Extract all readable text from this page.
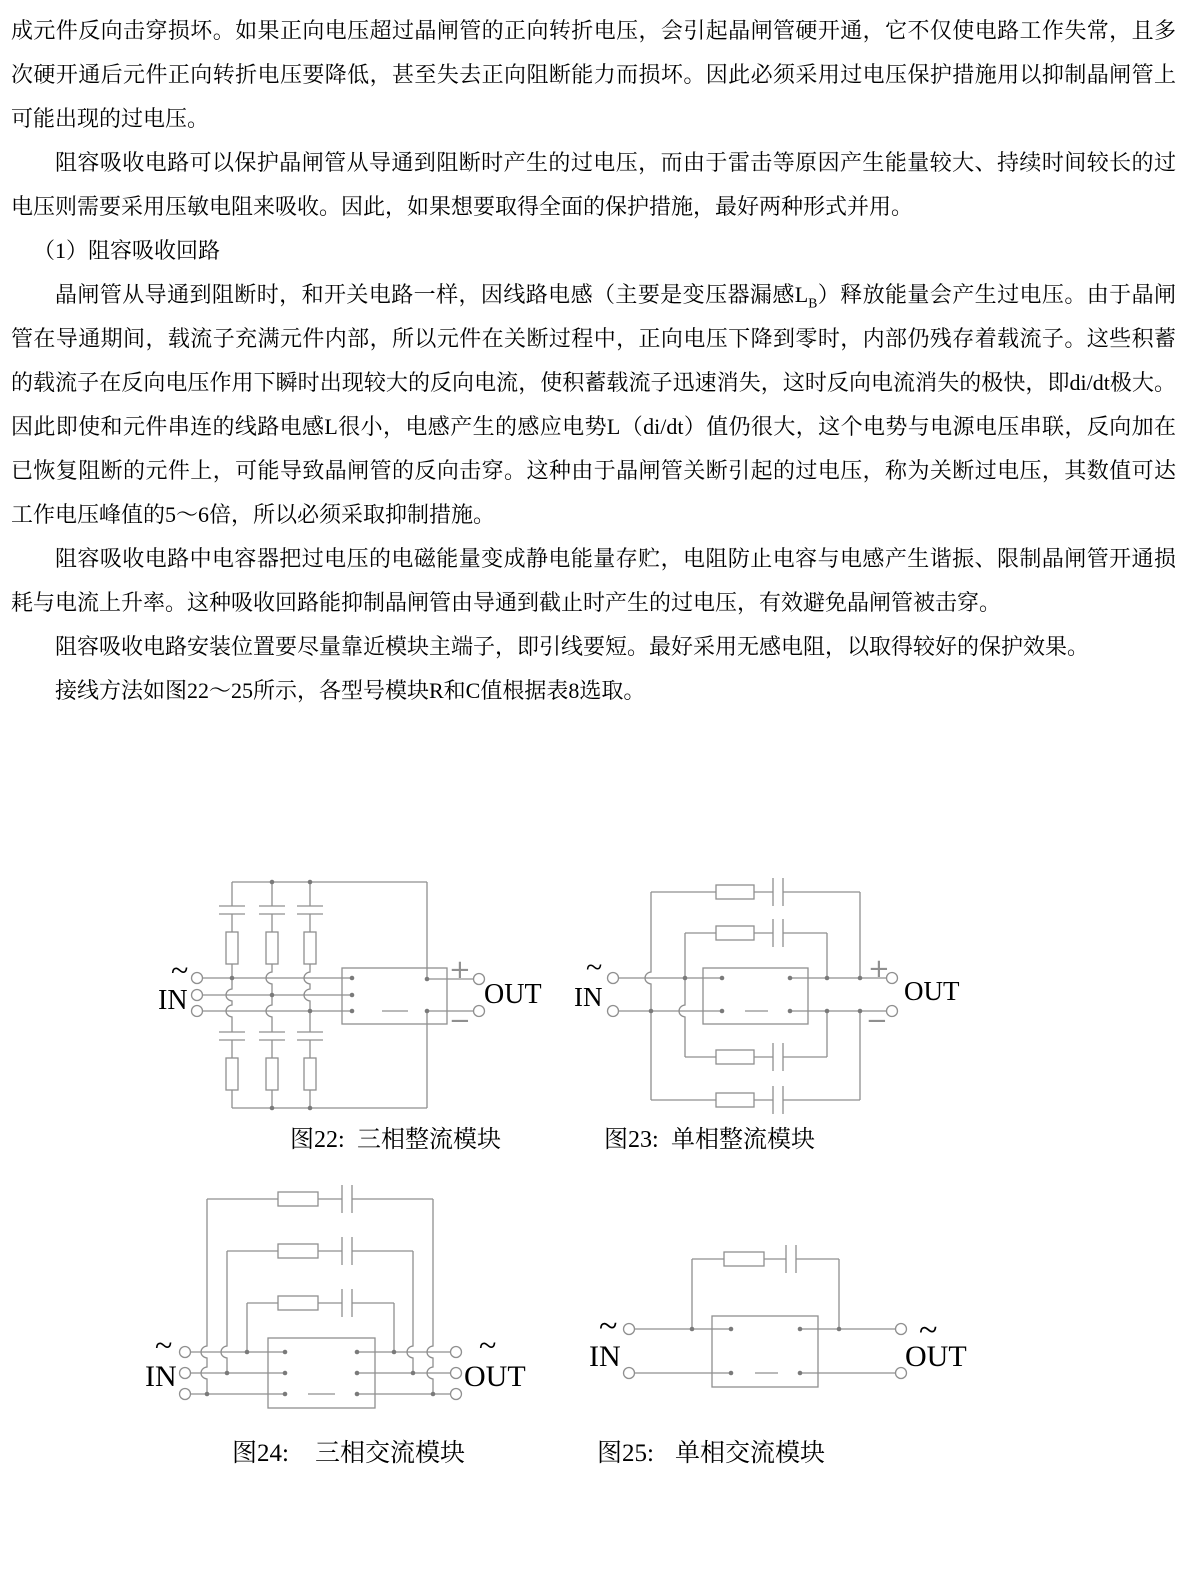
成元件反向击穿损坏。如果正向电压超过晶闸管的正向转折电压，会引起晶闸管硬开通，它不仅使电路工作失常，且多次硬开通后元件正向转折电压要降低，甚至失去正向阻断能力而损坏。因此必须采用过电压保护措施用以抑制晶闸管上可能出现的过电压。

阻容吸收电路可以保护晶闸管从导通到阻断时产生的过电压，而由于雷击等原因产生能量较大、持续时间较长的过电压则需要采用压敏电阻来吸收。因此，如果想要取得全面的保护措施，最好两种形式并用。

（1）阻容吸收回路

晶闸管从导通到阻断时，和开关电路一样，因线路电感（主要是变压器漏感$L_B$）释放能量会产生过电压。由于晶闸管在导通期间，载流子充满元件内部，所以元件在关断过程中，正向电压下降到零时，内部仍残存着载流子。这些积蓄的载流子在反向电压作用下瞬时出现较大的反向电流，使积蓄载流子迅速消失，这时反向电流消失的极快，即di/dt极大。因此即使和元件串连的线路电感L很小，电感产生的感应电势L（di/dt）值仍很大，这个电势与电源电压串联，反向加在已恢复阻断的元件上，可能导致晶闸管的反向击穿。这种由于晶闸管关断引起的过电压，称为关断过电压，其数值可达工作电压峰值的5～6倍，所以必须采取抑制措施。

阻容吸收电路中电容器把过电压的电磁能量变成静电能量存贮，电阻防止电容与电感产生谐振、限制晶闸管开通损耗与电流上升率。这种吸收回路能抑制晶闸管由导通到截止时产生的过电压，有效避免晶闸管被击穿。

阻容吸收电路安装位置要尽量靠近模块主端子，即引线要短。最好采用无感电阻，以取得较好的保护效果。

接线方法如图22～25所示，各型号模块R和C值根据表8选取。

~
IN	OUT
+
−
图22: 三相整流模块
~
IN	OUT
+
−
图23: 单相整流模块
~
IN
~
OUT
图24: 三相交流模块
~
IN
~
OUT
图25: 单相交流模块
